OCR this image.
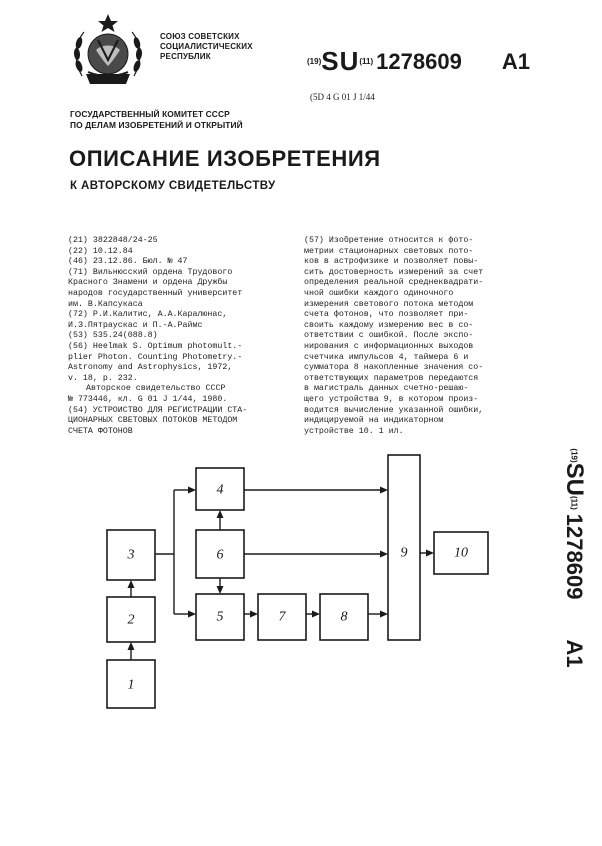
СОЮЗ СОВЕТСКИХ
СОЦИАЛИСТИЧЕСКИХ
РЕСПУБЛИК
(19)SU(11) 1278609 A1
(5D 4 G 01 J 1/44
ГОСУДАРСТВЕННЫЙ КОМИТЕТ СССР
ПО ДЕЛАМ ИЗОБРЕТЕНИЙ И ОТКРЫТИЙ
ОПИСАНИЕ ИЗОБРЕТЕНИЯ
К АВТОРСКОМУ СВИДЕТЕЛЬСТВУ
(21) 3822848/24-25
(22) 10.12.84
(46) 23.12.86. Бюл. № 47
(71) Вильнюсский ордена Трудового
Красного Знамени и ордена Дружбы
народов государственный университет
им. В.Капсукаса
(72) Р.И.Калитис, А.А.Каралюнас,
И.З.Пятраускас и П.-А.Раймс
(53) 535.24(088.8)
(56) Heelmak S. Optimum photomult.-
plier Photon. Counting Photometry.-
Astronomy and Astrophysics, 1972,
v. 18, p. 232.
Авторское свидетельство СССР
№ 773446, кл. G 01 J 1/44, 1980.
(54) УСТРОЙСТВО ДЛЯ РЕГИСТРАЦИИ СТА-
ЦИОНАРНЫХ СВЕТОВЫХ ПОТОКОВ МЕТОДОМ
СЧЕТА ФОТОНОВ
(57) Изобретение относится к фото-
метрии стационарных световых пото-
ков в астрофизике и позволяет повы-
сить достоверность измерений за счет
определения реальной среднеквадрати-
чной ошибки каждого одиночного
измерения светового потока методом
счета фотонов, что позволяет при-
своить каждому измерению вес в со-
ответствии с ошибкой. После экспо-
нирования с информационных выходов
счетчика импульсов 4, таймера 6 и
сумматора 8 накопленные значения со-
ответствующих параметров передаются
в магистраль данных счетно-решаю-
щего устройства 9, в котором произ-
водится вычисление указанной ошибки,
индицируемой на индикаторном
устройстве 10. 1 ил.
(19)SU(11)1278609A1
1
2
3
4
5
6
7	8
9	10
